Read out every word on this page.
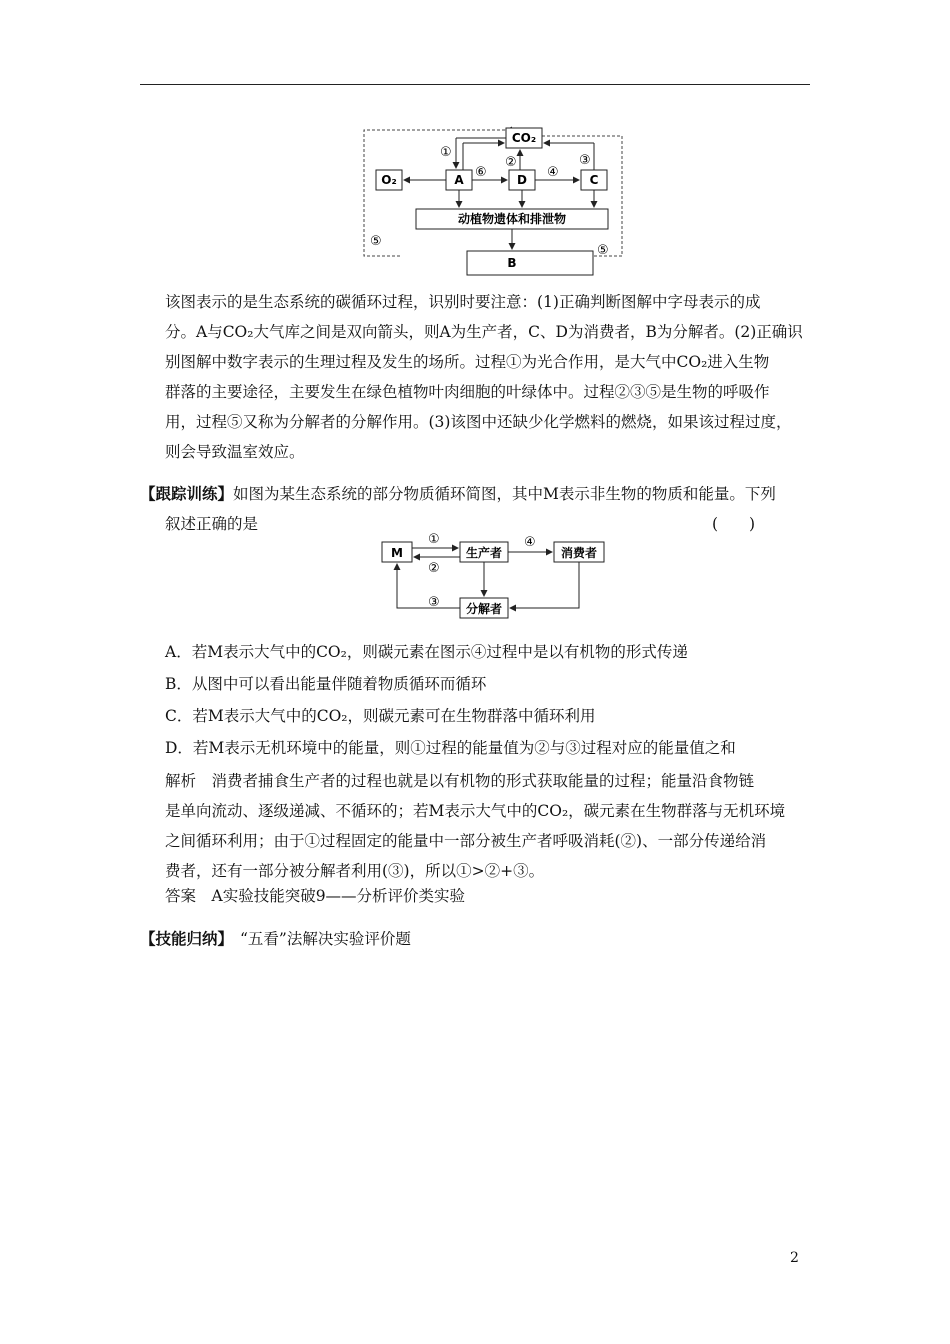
CO₂
O₂	A	D	C
动植物遗体和排泄物
B
①
②	③
④
⑥
⑤
⑤
该图表示的是生态系统的碳循环过程，识别时要注意：(1)正确判断图解中字母表示的成
分。A与CO₂大气库之间是双向箭头，则A为生产者，C、D为消费者，B为分解者。(2)正确识
别图解中数字表示的生理过程及发生的场所。过程①为光合作用，是大气中CO₂进入生物
群落的主要途径，主要发生在绿色植物叶肉细胞的叶绿体中。过程②③⑤是生物的呼吸作
用，过程⑤又称为分解者的分解作用。(3)该图中还缺少化学燃料的燃烧，如果该过程过度，
则会导致温室效应。
【跟踪训练】 如图为某生态系统的部分物质循环简图，其中M表示非生物的物质和能量。下列
叙述正确的是	(　　)
M	生产者	消费者
分解者
①
②
④
③
A．若M表示大气中的CO₂，则碳元素在图示④过程中是以有机物的形式传递
B．从图中可以看出能量伴随着物质循环而循环
C．若M表示大气中的CO₂，则碳元素可在生物群落中循环利用
D．若M表示无机环境中的能量，则①过程的能量值为②与③过程对应的能量值之和
解析　消费者捕食生产者的过程也就是以有机物的形式获取能量的过程；能量沿食物链
是单向流动、逐级递减、不循环的；若M表示大气中的CO₂，碳元素在生物群落与无机环境
之间循环利用；由于①过程固定的能量中一部分被生产者呼吸消耗(②)、一部分传递给消
费者，还有一部分被分解者利用(③)，所以①>②+③。
答案　A实验技能突破9——分析评价类实验
【技能归纳】 “五看”法解决实验评价题
2
